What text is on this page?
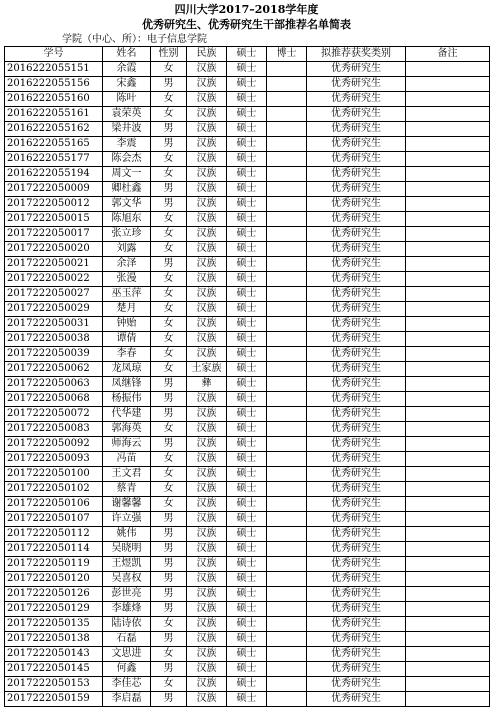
四川大学2017–2018学年度
优秀研究生、优秀研究生干部推荐名单简表
学院（中心、所）：电子信息学院
学号	姓名	性别	民族	硕士	博士	拟推荐获奖类别	备注
2016222055151	余霞	女	汉族	硕士		优秀研究生	
2016222055156	宋鑫	男	汉族	硕士		优秀研究生	
2016222055160	陈叶	女	汉族	硕士		优秀研究生	
2016222055161	袁荣英	女	汉族	硕士		优秀研究生	
2016222055162	梁井波	男	汉族	硕士		优秀研究生	
2016222055165	李震	男	汉族	硕士		优秀研究生	
2016222055177	陈会杰	女	汉族	硕士		优秀研究生	
2016222055194	周文一	女	汉族	硕士		优秀研究生	
2017222050009	卿杜鑫	男	汉族	硕士		优秀研究生	
2017222050012	郭文华	男	汉族	硕士		优秀研究生	
2017222050015	陈旭东	女	汉族	硕士		优秀研究生	
2017222050017	张立珍	女	汉族	硕士		优秀研究生	
2017222050020	刘露	女	汉族	硕士		优秀研究生	
2017222050021	余泽	男	汉族	硕士		优秀研究生	
2017222050022	张漫	女	汉族	硕士		优秀研究生	
2017222050027	巫玉萍	女	汉族	硕士		优秀研究生	
2017222050029	楚月	女	汉族	硕士		优秀研究生	
2017222050031	钟贻	女	汉族	硕士		优秀研究生	
2017222050038	谭倩	女	汉族	硕士		优秀研究生	
2017222050039	李春	女	汉族	硕士		优秀研究生	
2017222050062	龙凤琼	女	土家族	硕士		优秀研究生	
2017222050063	凤继锋	男	彝	硕士		优秀研究生	
2017222050068	杨振伟	男	汉族	硕士		优秀研究生	
2017222050072	代华建	男	汉族	硕士		优秀研究生	
2017222050083	郭海英	女	汉族	硕士		优秀研究生	
2017222050092	师海云	男	汉族	硕士		优秀研究生	
2017222050093	冯苗	女	汉族	硕士		优秀研究生	
2017222050100	王文君	女	汉族	硕士		优秀研究生	
2017222050102	蔡青	女	汉族	硕士		优秀研究生	
2017222050106	谢馨馨	女	汉族	硕士		优秀研究生	
2017222050107	许立强	男	汉族	硕士		优秀研究生	
2017222050112	姚伟	男	汉族	硕士		优秀研究生	
2017222050114	吴晓明	男	汉族	硕士		优秀研究生	
2017222050119	王煜凯	男	汉族	硕士		优秀研究生	
2017222050120	吴喜权	男	汉族	硕士		优秀研究生	
2017222050126	彭世亮	男	汉族	硕士		优秀研究生	
2017222050129	李雄烽	男	汉族	硕士		优秀研究生	
2017222050135	陆诗依	女	汉族	硕士		优秀研究生	
2017222050138	石磊	男	汉族	硕士		优秀研究生	
2017222050143	文思进	女	汉族	硕士		优秀研究生	
2017222050145	何鑫	男	汉族	硕士		优秀研究生	
2017222050153	李佳芯	女	汉族	硕士		优秀研究生	
2017222050159	李启磊	男	汉族	硕士		优秀研究生	
